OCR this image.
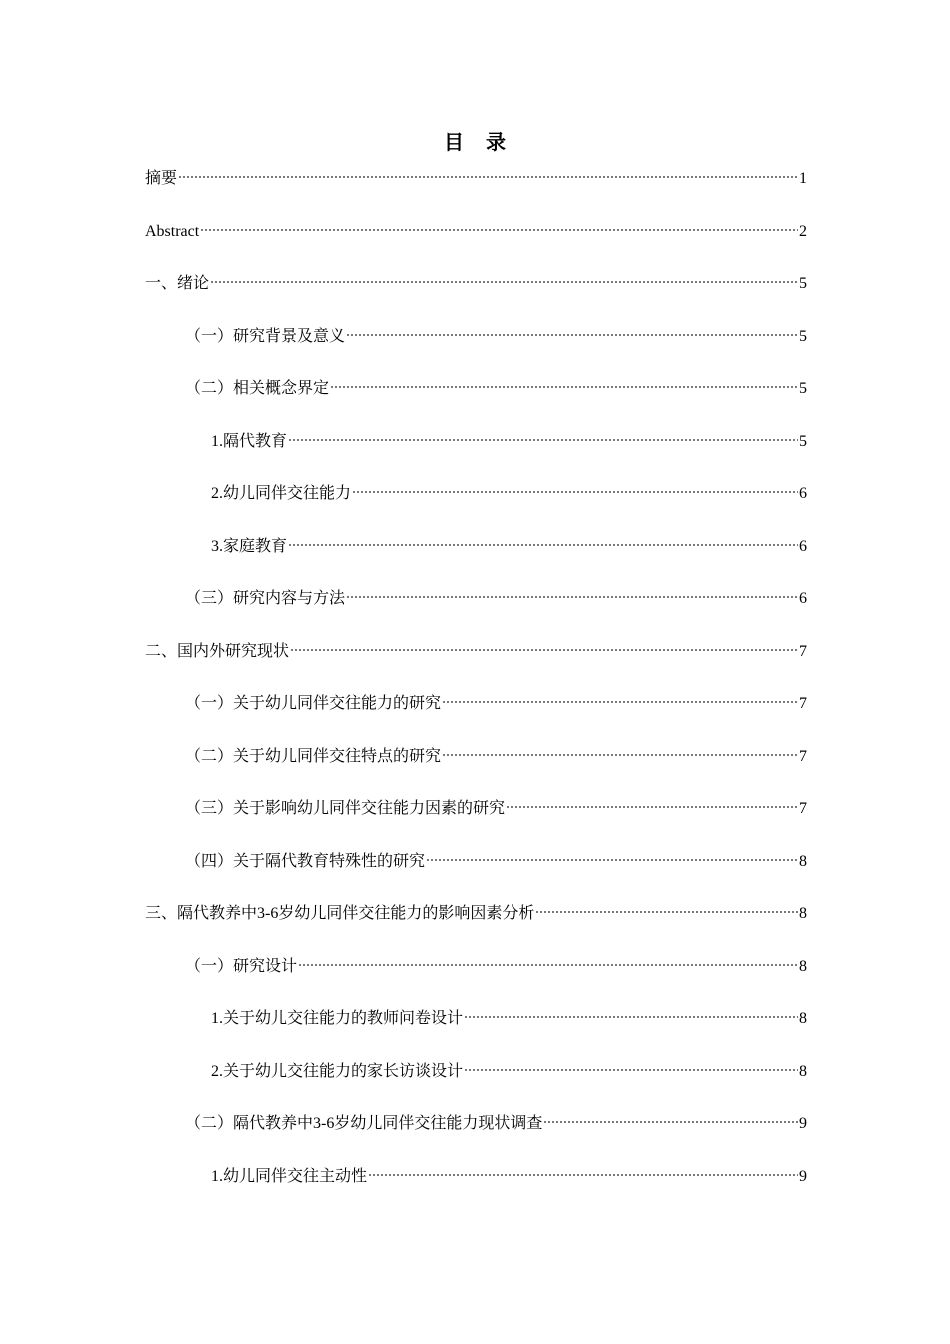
目 录
摘要	1
Abstract	2
一、绪论	5
（一）研究背景及意义	5
（二）相关概念界定	5
1.隔代教育	5
2.幼儿同伴交往能力	6
3.家庭教育	6
（三）研究内容与方法	6
二、国内外研究现状	7
（一）关于幼儿同伴交往能力的研究	7
（二）关于幼儿同伴交往特点的研究	7
（三）关于影响幼儿同伴交往能力因素的研究	7
（四）关于隔代教育特殊性的研究	8
三、隔代教养中3-6岁幼儿同伴交往能力的影响因素分析	8
（一）研究设计	8
1.关于幼儿交往能力的教师问卷设计	8
2.关于幼儿交往能力的家长访谈设计	8
（二）隔代教养中3-6岁幼儿同伴交往能力现状调查	9
1.幼儿同伴交往主动性	9
